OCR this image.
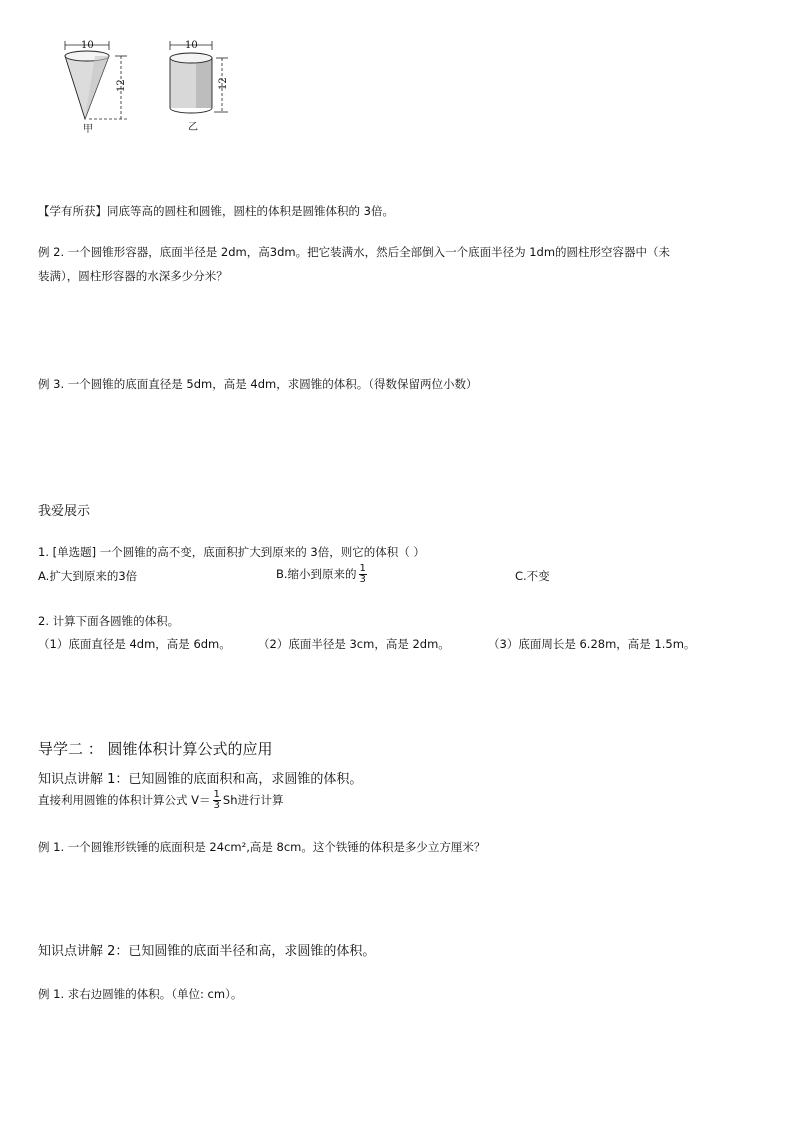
10
12
甲
10
12
乙
【学有所获】同底等高的圆柱和圆锥，圆柱的体积是圆锥体积的 3倍。
例 2. 一个圆锥形容器，底面半径是 2dm，高3dm。把它装满水，然后全部倒入一个底面半径为 1dm的圆柱形空容器中（未
装满），圆柱形容器的水深多少分米？
例 3. 一个圆锥的底面直径是 5dm，高是 4dm，求圆锥的体积。（得数保留两位小数）
我爱展示
1. [单选题] 一个圆锥的高不变，底面积扩大到原来的 3倍，则它的体积（ ）
A.扩大到原来的3倍	B.缩小到原来的 $\frac{1}{3}$	C.不变
2. 计算下面各圆锥的体积。
（1）底面直径是 4dm，高是 6dm。 （2）底面半径是 3cm，高是 2dm。	（3）底面周长是 6.28m，高是 1.5m。
导学二 ： 圆锥体积计算公式的应用
知识点讲解 1：已知圆锥的底面积和高，求圆锥的体积。
直接利用圆锥的体积计算公式 $V= \frac{1}{3}$ Sh进行计算
例 1. 一个圆锥形铁锤的底面积是 24cm²,高是 8cm。这个铁锤的体积是多少立方厘米？
知识点讲解 2：已知圆锥的底面半径和高，求圆锥的体积。
例 1. 求右边圆锥的体积。（单位: cm）。
